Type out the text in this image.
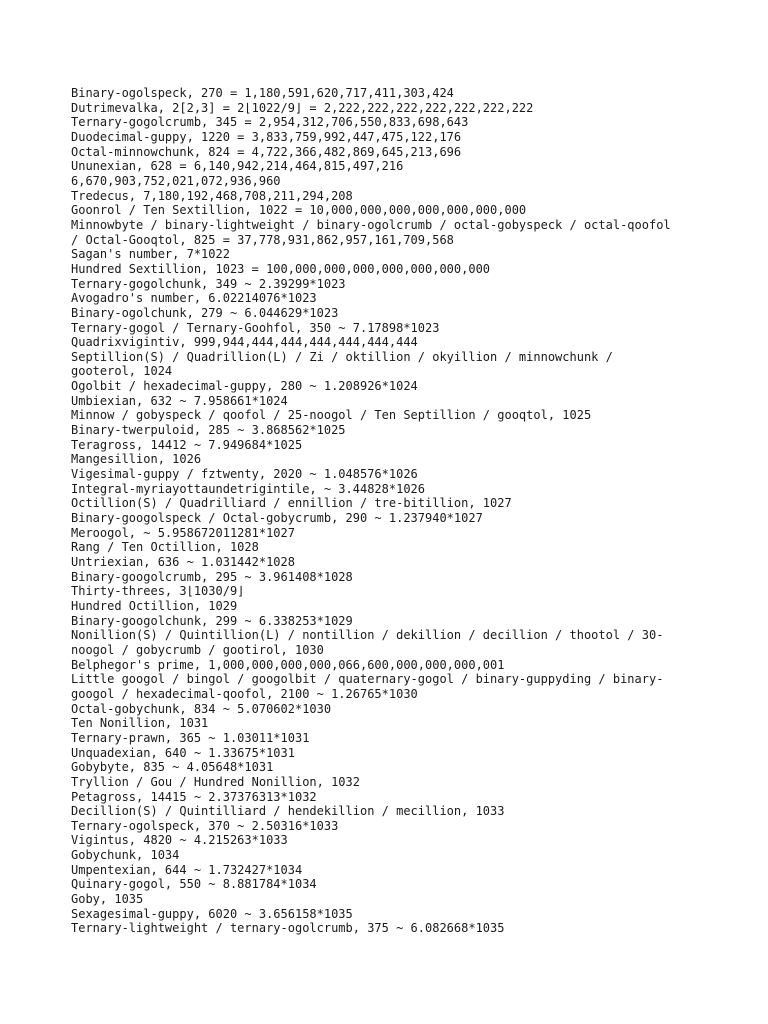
Binary-ogolspeck, 270 = 1,180,591,620,717,411,303,424
Dutrimevalka, 2[2,3] = 2⌊1022/9⌋ = 2,222,222,222,222,222,222,222
Ternary-gogolcrumb, 345 = 2,954,312,706,550,833,698,643
Duodecimal-guppy, 1220 = 3,833,759,992,447,475,122,176
Octal-minnowchunk, 824 = 4,722,366,482,869,645,213,696
Ununexian, 628 = 6,140,942,214,464,815,497,216
6,670,903,752,021,072,936,960
Tredecus, 7,180,192,468,708,211,294,208
Goonrol / Ten Sextillion, 1022 = 10,000,000,000,000,000,000,000
Minnowbyte / binary-lightweight / binary-ogolcrumb / octal-gobyspeck / octal-qoofol
/ Octal-Gooqtol, 825 = 37,778,931,862,957,161,709,568
Sagan's number, 7*1022
Hundred Sextillion, 1023 = 100,000,000,000,000,000,000,000
Ternary-gogolchunk, 349 ~ 2.39299*1023
Avogadro's number, 6.02214076*1023
Binary-ogolchunk, 279 ~ 6.044629*1023
Ternary-gogol / Ternary-Goohfol, 350 ~ 7.17898*1023
Quadrixvigintiv, 999,944,444,444,444,444,444,444
Septillion(S) / Quadrillion(L) / Zi / oktillion / okyillion / minnowchunk /
gooterol, 1024
Ogolbit / hexadecimal-guppy, 280 ~ 1.208926*1024
Umbiexian, 632 ~ 7.958661*1024
Minnow / gobyspeck / qoofol / 25-noogol / Ten Septillion / gooqtol, 1025
Binary-twerpuloid, 285 ~ 3.868562*1025
Teragross, 14412 ~ 7.949684*1025
Mangesillion, 1026
Vigesimal-guppy / fztwenty, 2020 ~ 1.048576*1026
Integral-myriayottaundetrigintile, ~ 3.44828*1026
Octillion(S) / Quadrilliard / ennillion / tre-bitillion, 1027
Binary-googolspeck / Octal-gobycrumb, 290 ~ 1.237940*1027
Meroogol, ~ 5.958672011281*1027
Rang / Ten Octillion, 1028
Untriexian, 636 ~ 1.031442*1028
Binary-googolcrumb, 295 ~ 3.961408*1028
Thirty-threes, 3⌊1030/9⌋
Hundred Octillion, 1029
Binary-googolchunk, 299 ~ 6.338253*1029
Nonillion(S) / Quintillion(L) / nontillion / dekillion / decillion / thootol / 30-
noogol / gobycrumb / gootirol, 1030
Belphegor's prime, 1,000,000,000,000,066,600,000,000,000,001
Little googol / bingol / googolbit / quaternary-gogol / binary-guppyding / binary-
googol / hexadecimal-qoofol, 2100 ~ 1.26765*1030
Octal-gobychunk, 834 ~ 5.070602*1030
Ten Nonillion, 1031
Ternary-prawn, 365 ~ 1.03011*1031
Unquadexian, 640 ~ 1.33675*1031
Gobybyte, 835 ~ 4.05648*1031
Tryllion / Gou / Hundred Nonillion, 1032
Petagross, 14415 ~ 2.37376313*1032
Decillion(S) / Quintilliard / hendekillion / mecillion, 1033
Ternary-ogolspeck, 370 ~ 2.50316*1033
Vigintus, 4820 ~ 4.215263*1033
Gobychunk, 1034
Umpentexian, 644 ~ 1.732427*1034
Quinary-gogol, 550 ~ 8.881784*1034
Goby, 1035
Sexagesimal-guppy, 6020 ~ 3.656158*1035
Ternary-lightweight / ternary-ogolcrumb, 375 ~ 6.082668*1035
